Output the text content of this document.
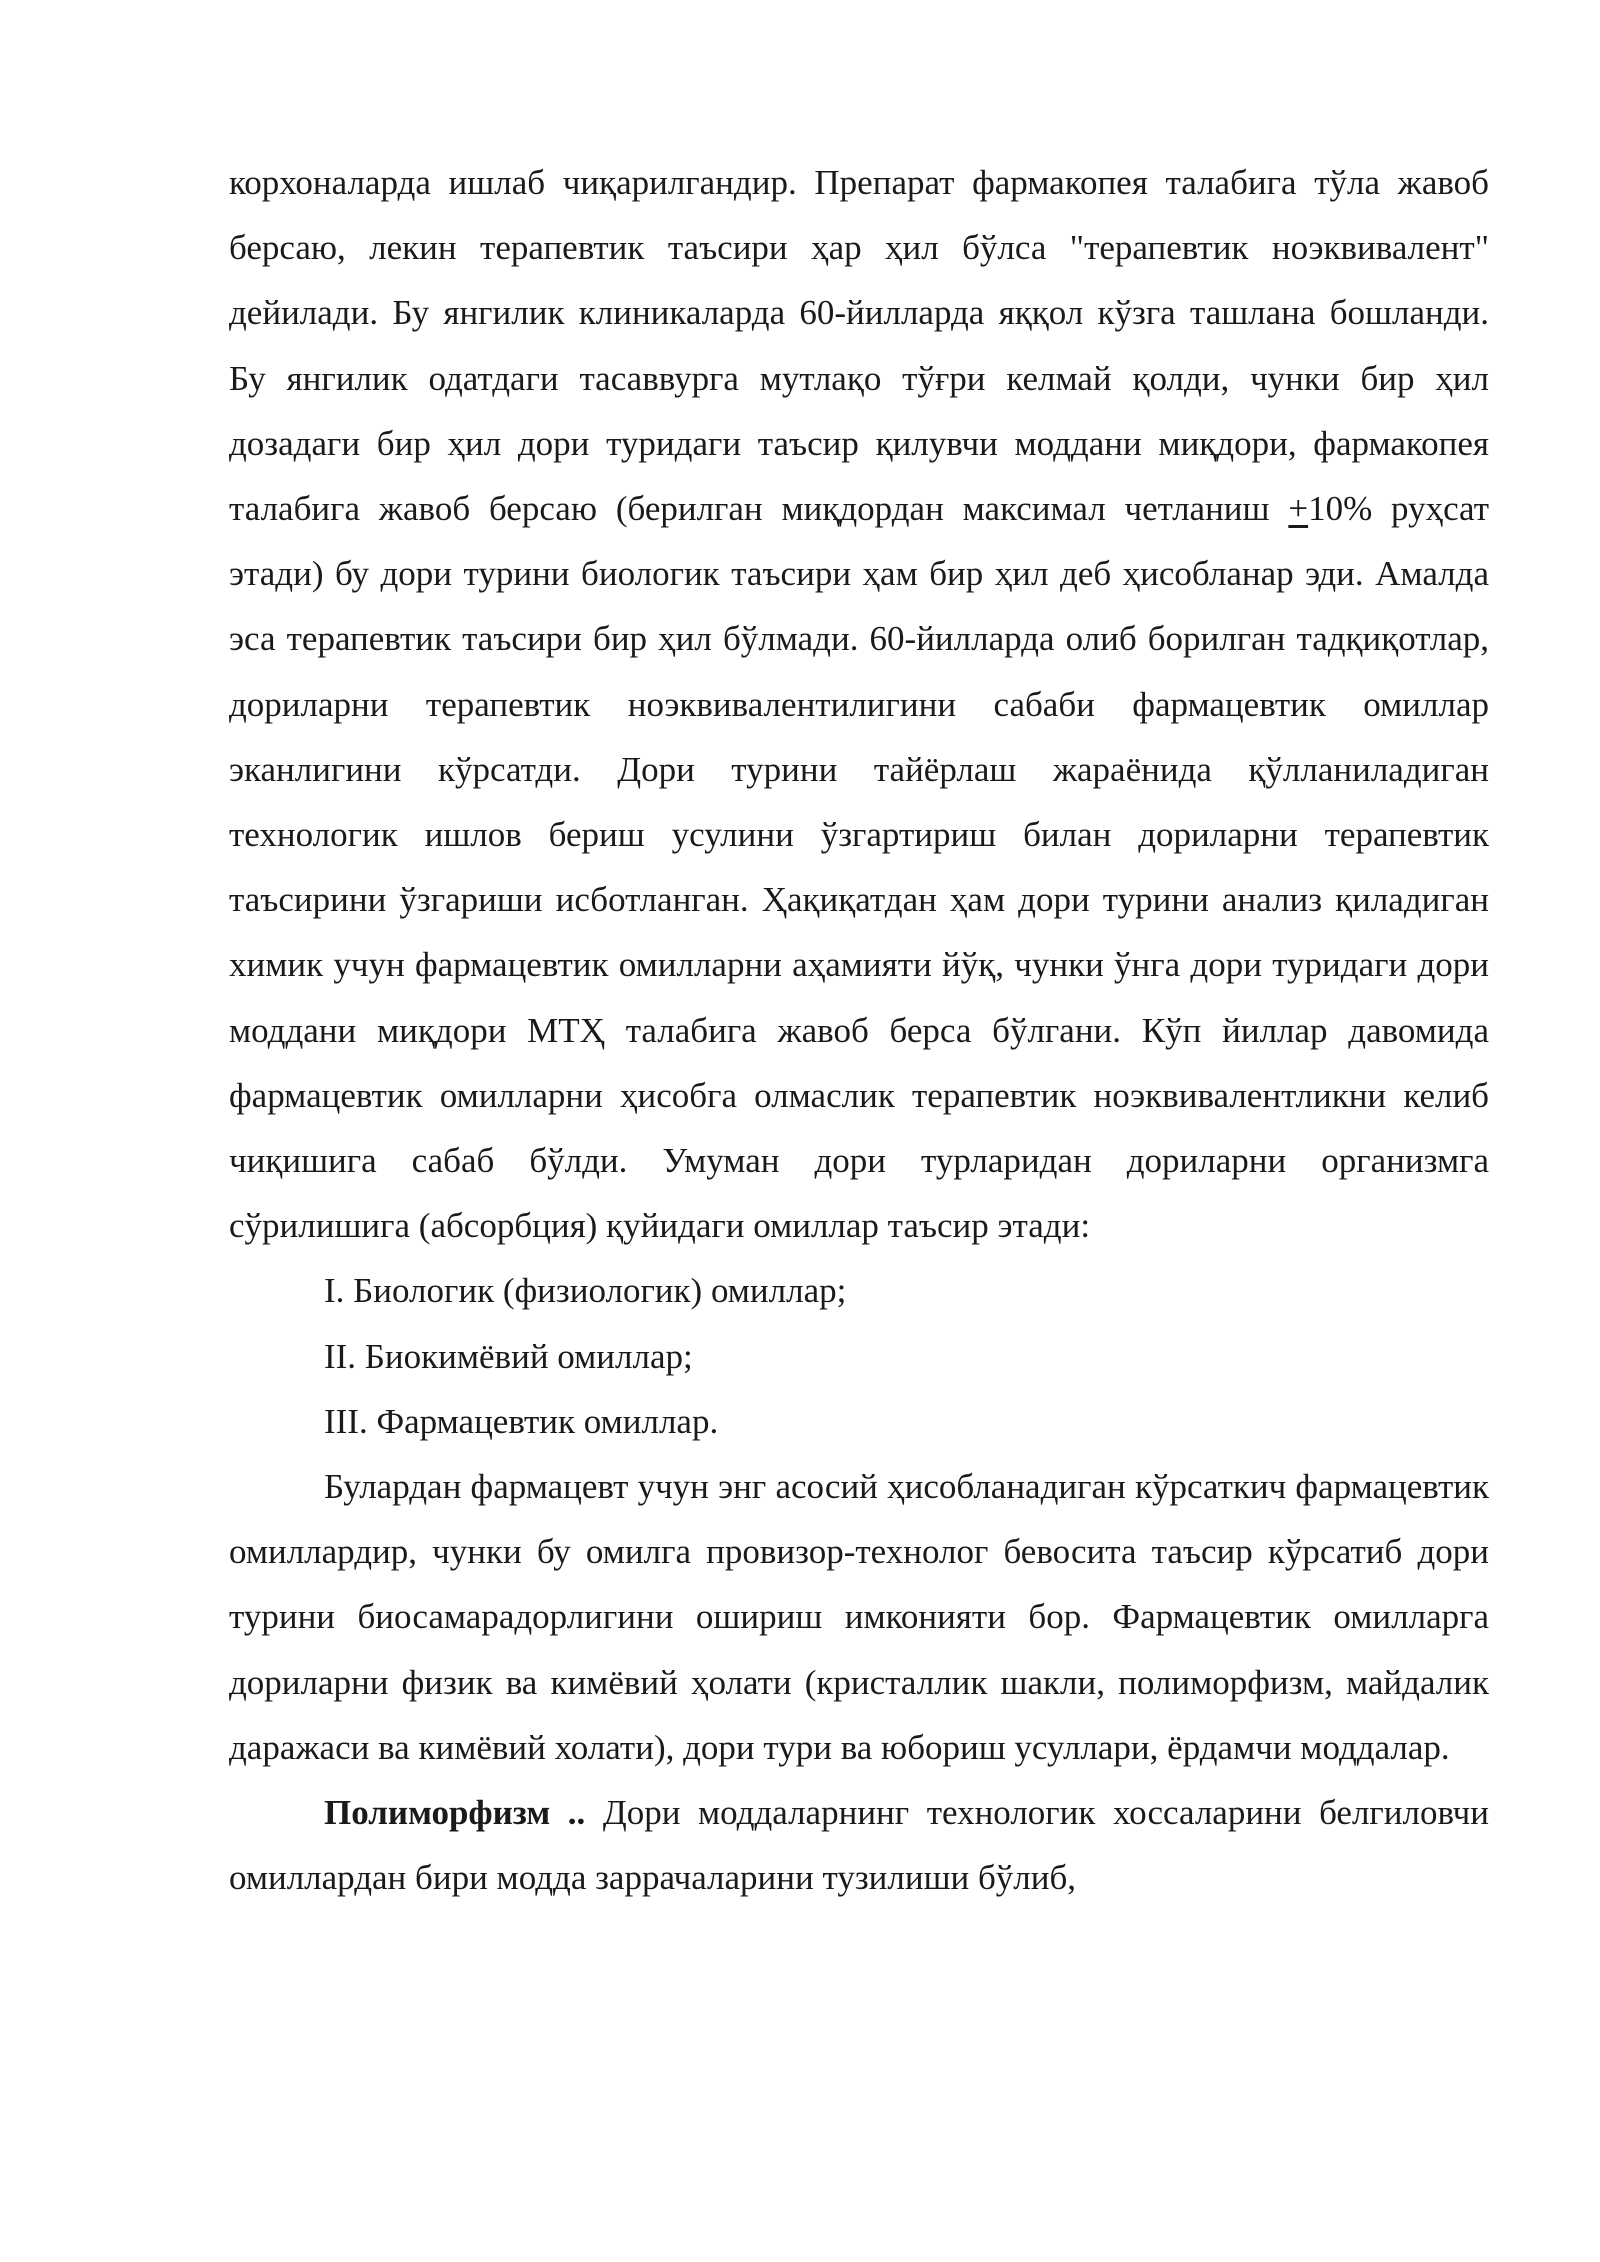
корхоналарда ишлаб чиқарилгандир. Препарат фармакопея талабига тўла жавоб берсаю, лекин терапевтик таъсири ҳар ҳил бўлса "терапевтик ноэквивалент" дейилади. Бу янгилик клиникаларда 60-йилларда яққол кўзга ташлана бошланди. Бу янгилик одатдаги тасаввурга мутлақо тўғри келмай қолди, чунки бир ҳил дозадаги бир ҳил дори туридаги таъсир қилувчи моддани миқдори, фармакопея талабига жавоб берсаю (берилган миқдордан максимал четланиш +10% руҳсат этади) бу дори турини биологик таъсири ҳам бир ҳил деб ҳисобланар эди. Амалда эса терапевтик таъсири бир ҳил бўлмади. 60-йилларда олиб борилган тадқиқотлар, дориларни терапевтик ноэквивалентилигини сабаби фармацевтик омиллар эканлигини кўрсатди. Дори турини тайёрлаш жараёнида қўлланиладиган технологик ишлов бериш усулини ўзгартириш билан дориларни терапевтик таъсирини ўзгариши исботланган. Ҳақиқатдан ҳам дори турини анализ қиладиган химик учун фармацевтик омилларни аҳамияти йўқ, чунки ўнга дори туридаги дори моддани миқдори МТҲ талабига жавоб берса бўлгани. Кўп йиллар давомида фармацевтик омилларни ҳисобга олмаслик терапевтик ноэквивалентликни келиб чиқишига сабаб бўлди. Умуман дори турларидан дориларни организмга сўрилишига (абсорбция) қуйидаги омиллар таъсир этади:

I. Биологик (физиологик) омиллар;

II. Биокимёвий омиллар;

III. Фармацевтик омиллар.

Булардан фармацевт учун энг асосий ҳисобланадиган кўрсаткич фармацевтик омиллардир, чунки бу омилга провизор-технолог бевосита таъсир кўрсатиб дори турини биосамарадорлигини ошириш имконияти бор. Фармацевтик омилларга дориларни физик ва кимёвий ҳолати (кристаллик шакли, полиморфизм, майдалик даражаси ва кимёвий холати), дори тури ва юбориш усуллари, ёрдамчи моддалар.

Полиморфизм .. Дори моддаларнинг технологик хоссаларини белгиловчи омиллардан бири модда заррачаларини тузилиши бўлиб,
